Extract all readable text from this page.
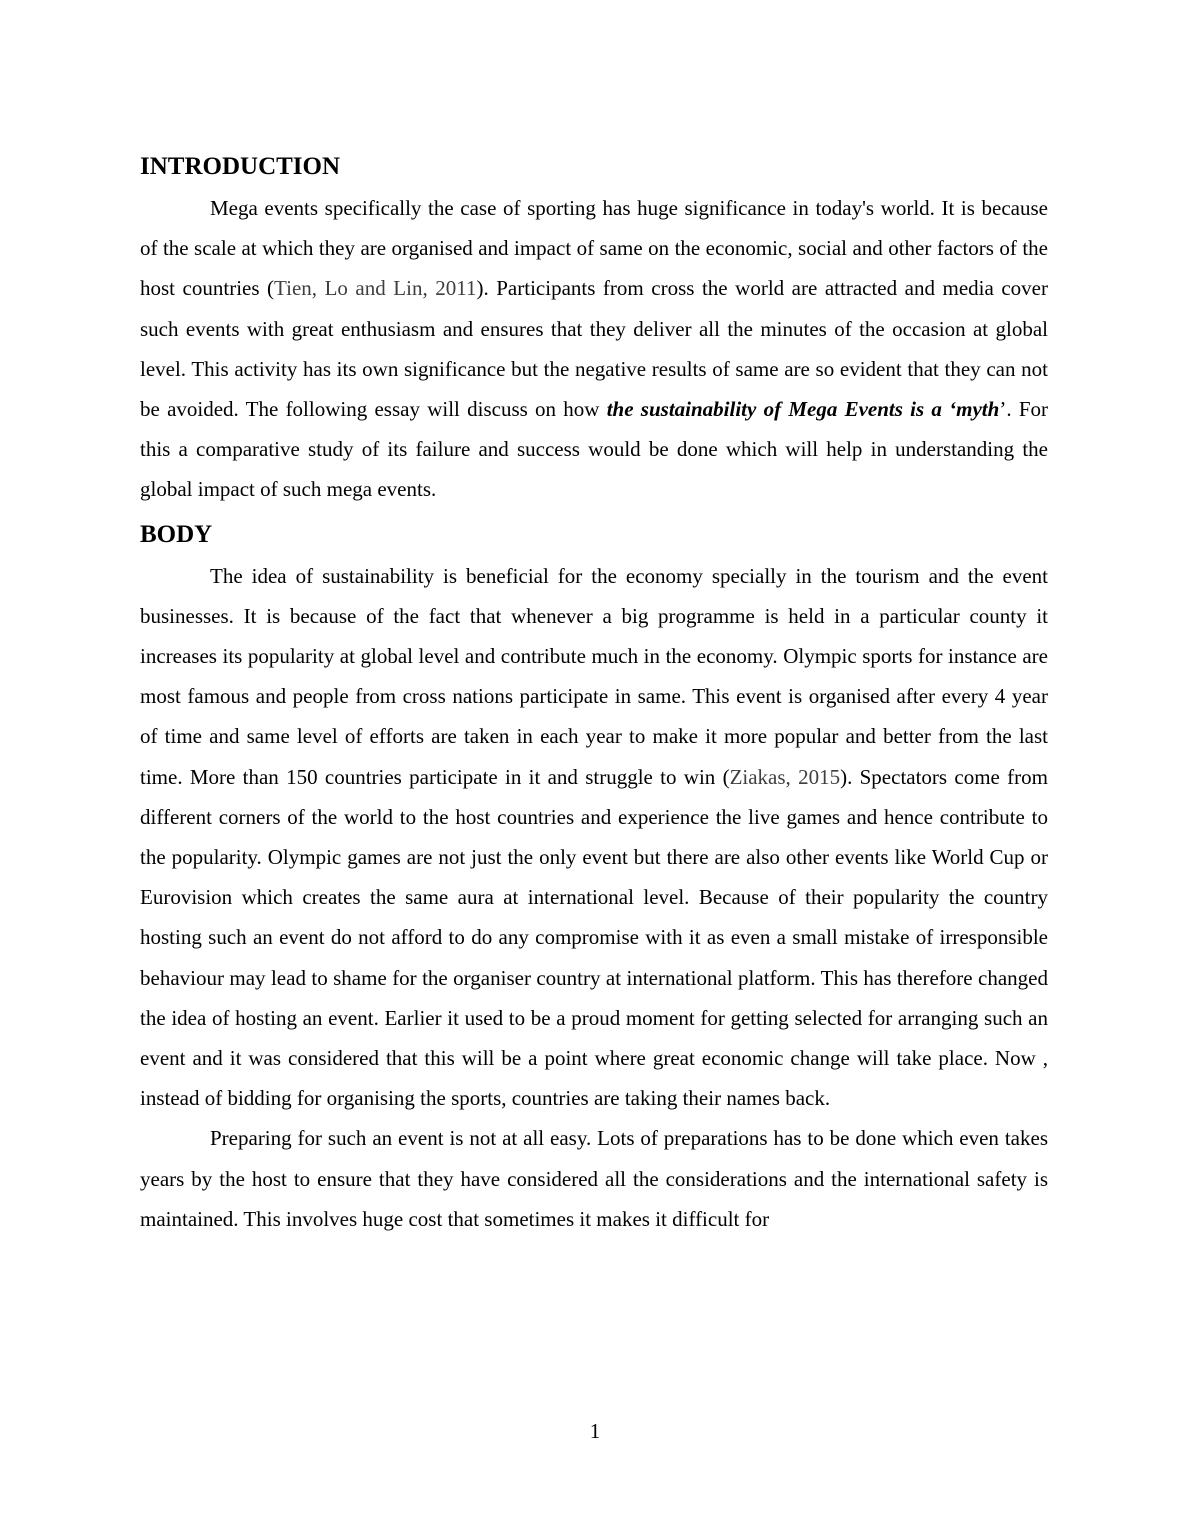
INTRODUCTION

Mega events specifically the case of sporting has huge significance in today's world. It is because of the scale at which they are organised and impact of same on the economic, social and other factors of the host countries (Tien, Lo and Lin, 2011). Participants from cross the world are attracted and media cover such events with great enthusiasm and ensures that they deliver all the minutes of the occasion at global level. This activity has its own significance but the negative results of same are so evident that they can not be avoided. The following essay will discuss on how the sustainability of Mega Events is a ‘myth’. For this a comparative study of its failure and success would be done which will help in understanding the global impact of such mega events.

BODY

The idea of sustainability is beneficial for the economy specially in the tourism and the event businesses. It is because of the fact that whenever a big programme is held in a particular county it increases its popularity at global level and contribute much in the economy. Olympic sports for instance are most famous and people from cross nations participate in same. This event is organised after every 4 year of time and same level of efforts are taken in each year to make it more popular and better from the last time. More than 150 countries participate in it and struggle to win (Ziakas, 2015). Spectators come from different corners of the world to the host countries and experience the live games and hence contribute to the popularity. Olympic games are not just the only event but there are also other events like World Cup or Eurovision which creates the same aura at international level. Because of their popularity the country hosting such an event do not afford to do any compromise with it as even a small mistake of irresponsible behaviour may lead to shame for the organiser country at international platform. This has therefore changed the idea of hosting an event. Earlier it used to be a proud moment for getting selected for arranging such an event and it was considered that this will be a point where great economic change will take place. Now , instead of bidding for organising the sports, countries are taking their names back.

Preparing for such an event is not at all easy. Lots of preparations has to be done which even takes years by the host to ensure that they have considered all the considerations and the international safety is maintained. This involves huge cost that sometimes it makes it difficult for

1
